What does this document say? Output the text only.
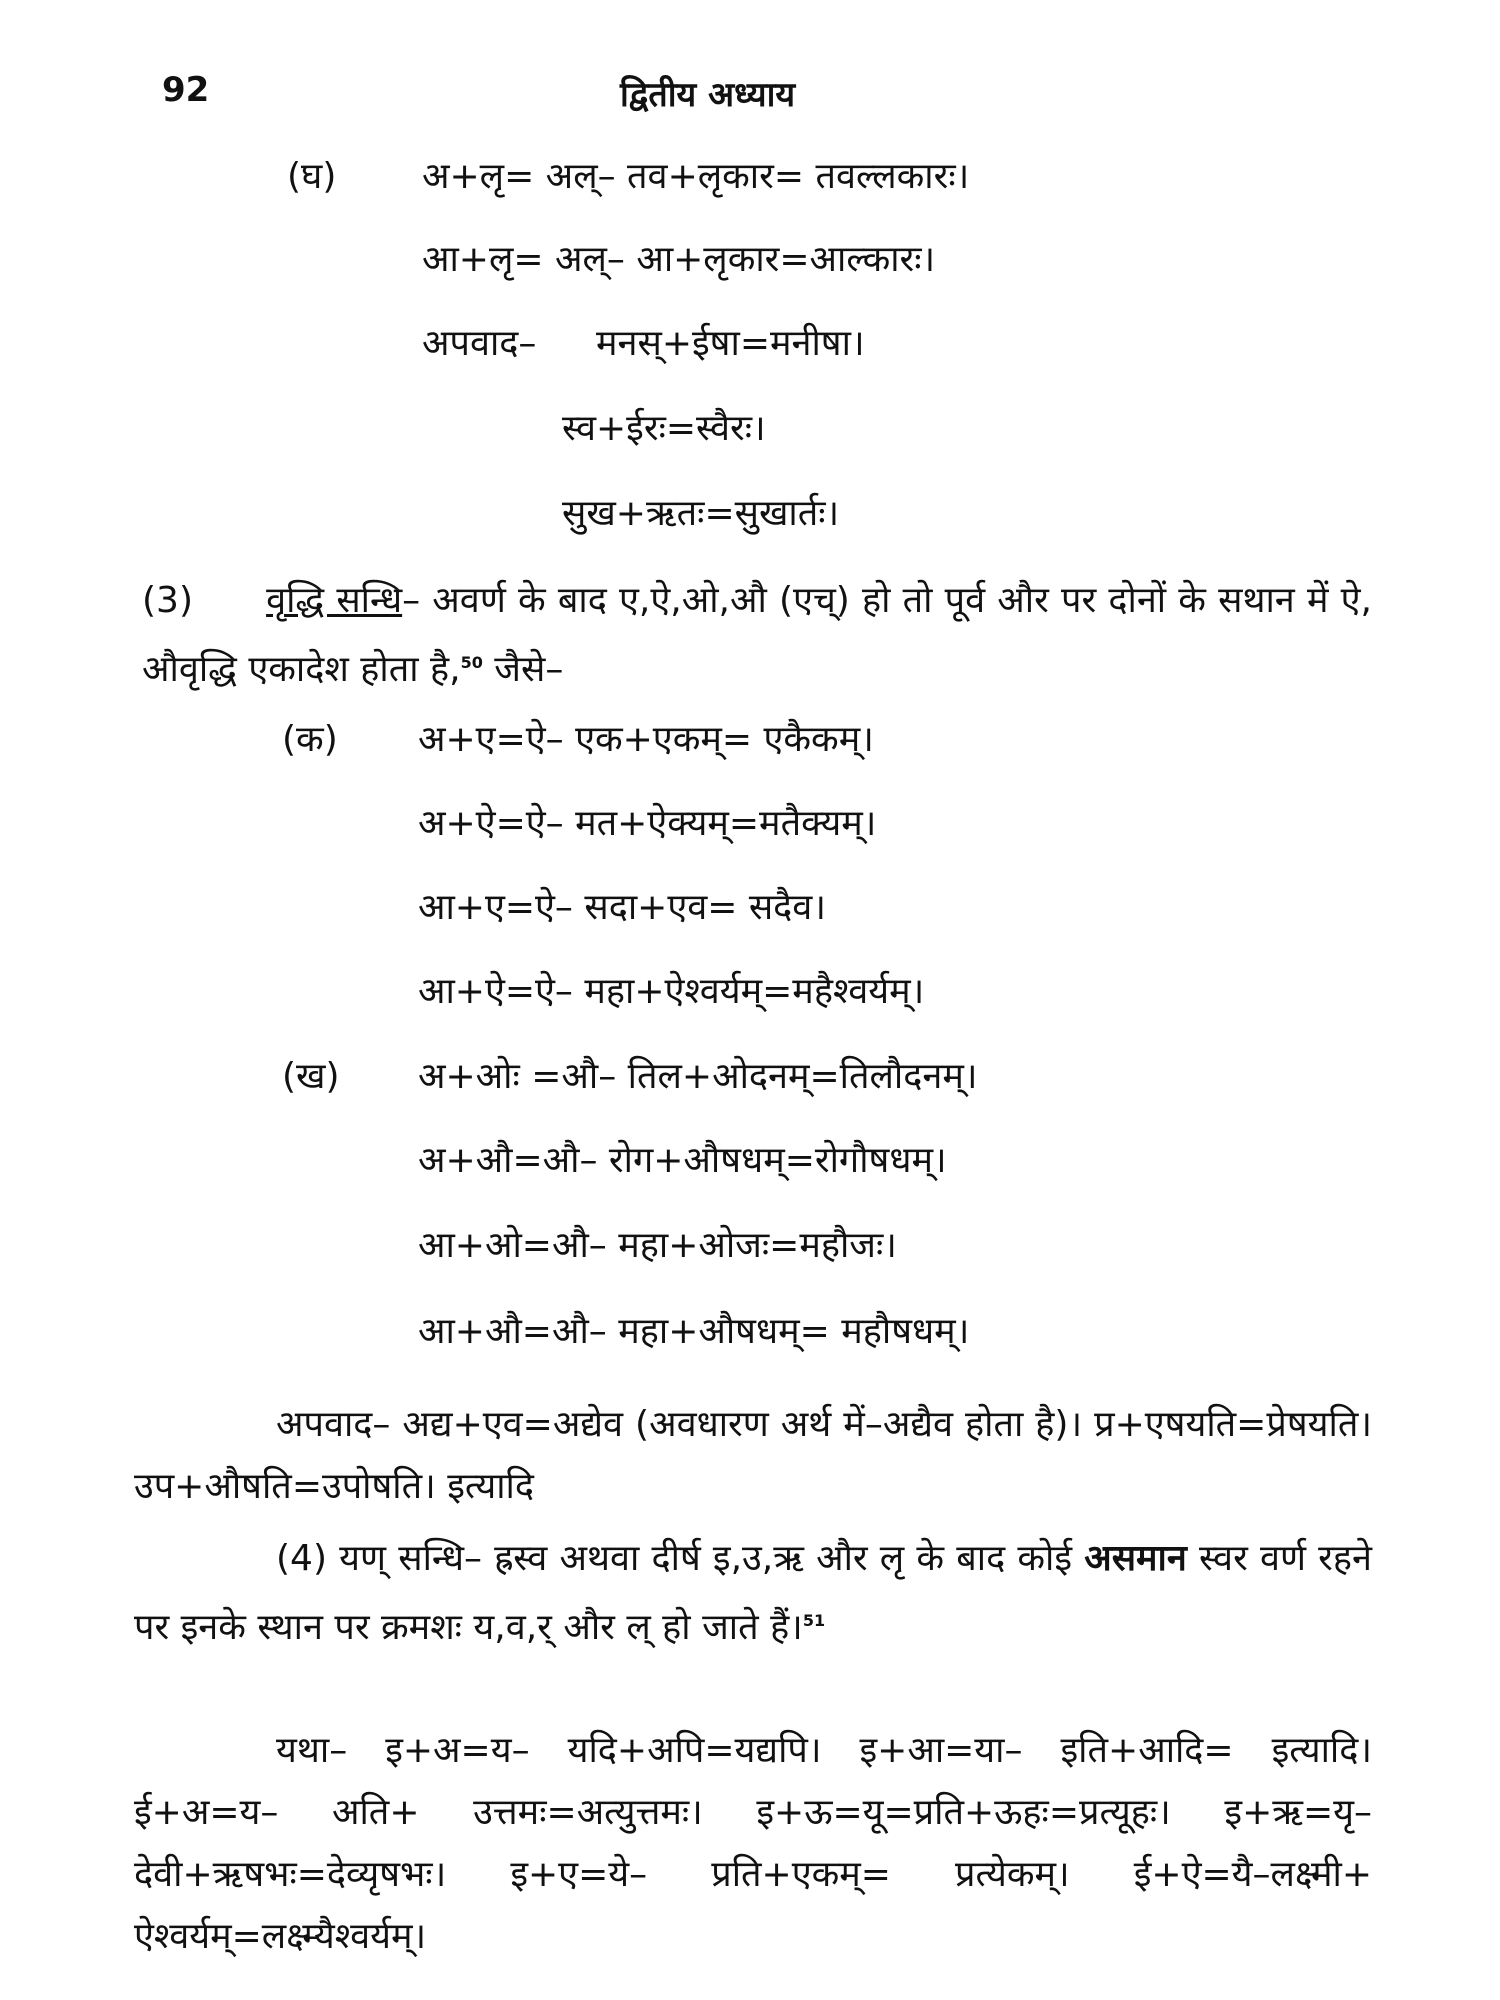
92	द्वितीय अध्याय
(घ) अ+लृ= अल्– तव+लृकार= तवल्लकारः।
आ+लृ= अल्– आ+लृकार=आल्कारः।
अपवाद– मनस्+ईषा=मनीषा।
स्व+ईरः=स्वैरः।
सुख+ऋतः=सुखार्तः।
(3) वृद्धि सन्धि– अवर्ण के बाद ए,ऐ,ओ,औ (एच्) हो तो पूर्व और पर दोनों के सथान में ऐ, औवृद्धि एकादेश होता है,$^{50}$ जैसे–
(क) अ+ए=ऐ– एक+एकम्= एकैकम्।
अ+ऐ=ऐ– मत+ऐक्यम्=मतैक्यम्।
आ+ए=ऐ– सदा+एव= सदैव।
आ+ऐ=ऐ– महा+ऐश्वर्यम्=महैश्वर्यम्।
(ख) अ+ओः =औ– तिल+ओदनम्=तिलौदनम्।
अ+औ=औ– रोग+औषधम्=रोगौषधम्।
आ+ओ=औ– महा+ओजः=महौजः।
आ+औ=औ– महा+औषधम्= महौषधम्।
अपवाद– अद्य+एव=अद्येव (अवधारण अर्थ में–अद्यैव होता है)। प्र+एषयति=प्रेषयति। उप+औषति=उपोषति। इत्यादि
(4) यण् सन्धि– ह्रस्व अथवा दीर्ष इ,उ,ऋ और लृ के बाद कोई असमान स्वर वर्ण रहने पर इनके स्थान पर क्रमशः य,व,र् और ल् हो जाते हैं।$^{51}$
यथा– इ+अ=य– यदि+अपि=यद्यपि। इ+आ=या– इति+आदि= इत्यादि। ई+अ=य– अति+ उत्तमः=अत्युत्तमः। इ+ऊ=यू=प्रति+ऊहः=प्रत्यूहः। इ+ऋ=यृ– देवी+ऋषभः=देव्यृषभः। इ+ए=ये– प्रति+एकम्= प्रत्येकम्। ई+ऐ=यै–लक्ष्मी+ ऐश्वर्यम्=लक्ष्म्यैश्वर्यम्।
